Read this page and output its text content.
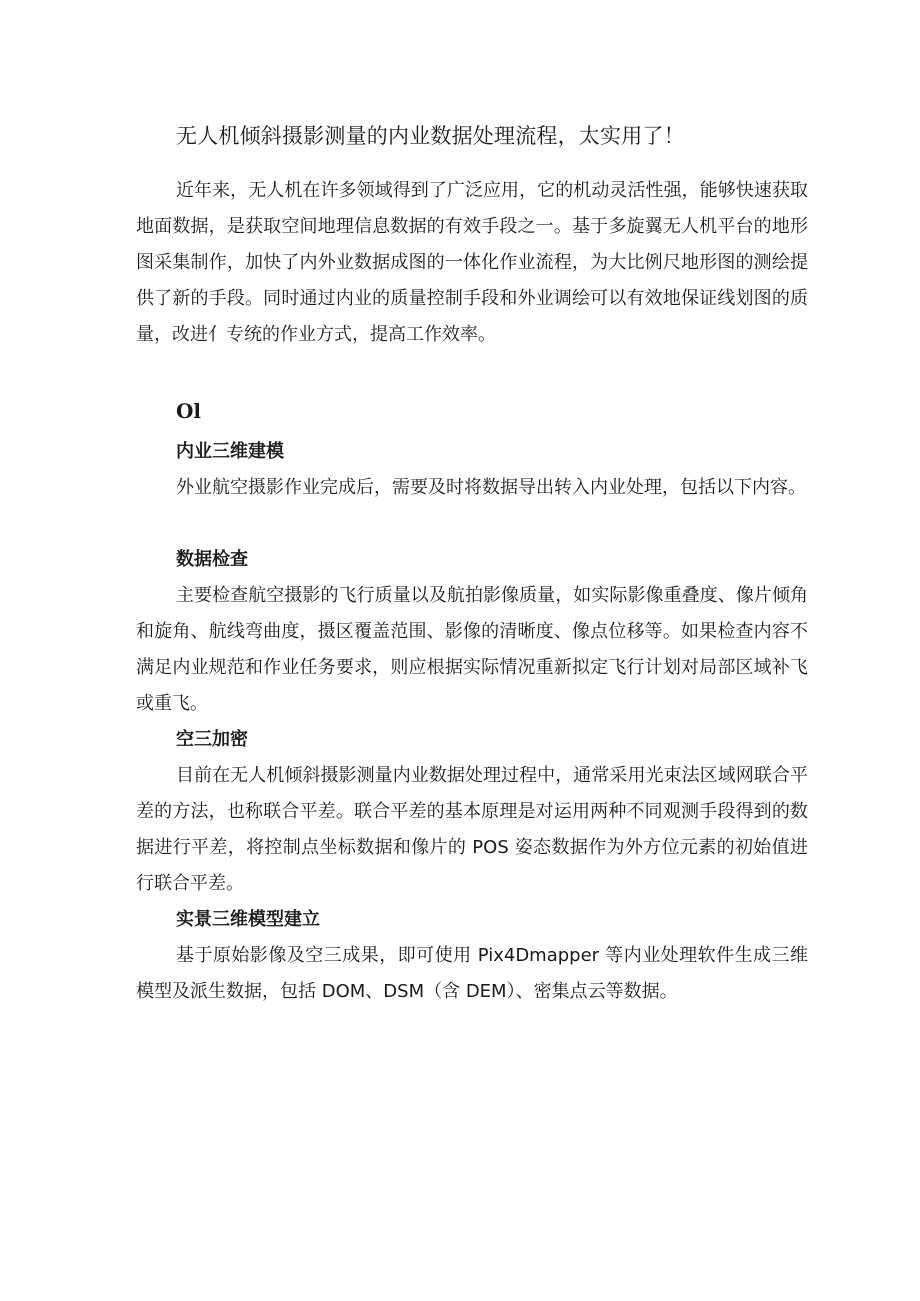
无人机倾斜摄影测量的内业数据处理流程，太实用了！

近年来，无人机在许多领域得到了广泛应用，它的机动灵活性强，能够快速获取地面数据，是获取空间地理信息数据的有效手段之一。基于多旋翼无人机平台的地形图采集制作，加快了内外业数据成图的一体化作业流程，为大比例尺地形图的测绘提供了新的手段。同时通过内业的质量控制手段和外业调绘可以有效地保证线划图的质量，改进亻专统的作业方式，提高工作效率。

Ol
内业三维建模

外业航空摄影作业完成后，需要及时将数据导出转入内业处理，包括以下内容。

数据检查

主要检查航空摄影的飞行质量以及航拍影像质量，如实际影像重叠度、像片倾角和旋角、航线弯曲度，摄区覆盖范围、影像的清晰度、像点位移等。如果检查内容不满足内业规范和作业任务要求，则应根据实际情况重新拟定飞行计划对局部区域补飞或重飞。

空三加密

目前在无人机倾斜摄影测量内业数据处理过程中，通常采用光束法区域网联合平差的方法，也称联合平差。联合平差的基本原理是对运用两种不同观测手段得到的数据进行平差，将控制点坐标数据和像片的 POS 姿态数据作为外方位元素的初始值进行联合平差。

实景三维模型建立

基于原始影像及空三成果，即可使用 Pix4Dmapper 等内业处理软件生成三维模型及派生数据，包括 DOM、DSM（含 DEM）、密集点云等数据。
